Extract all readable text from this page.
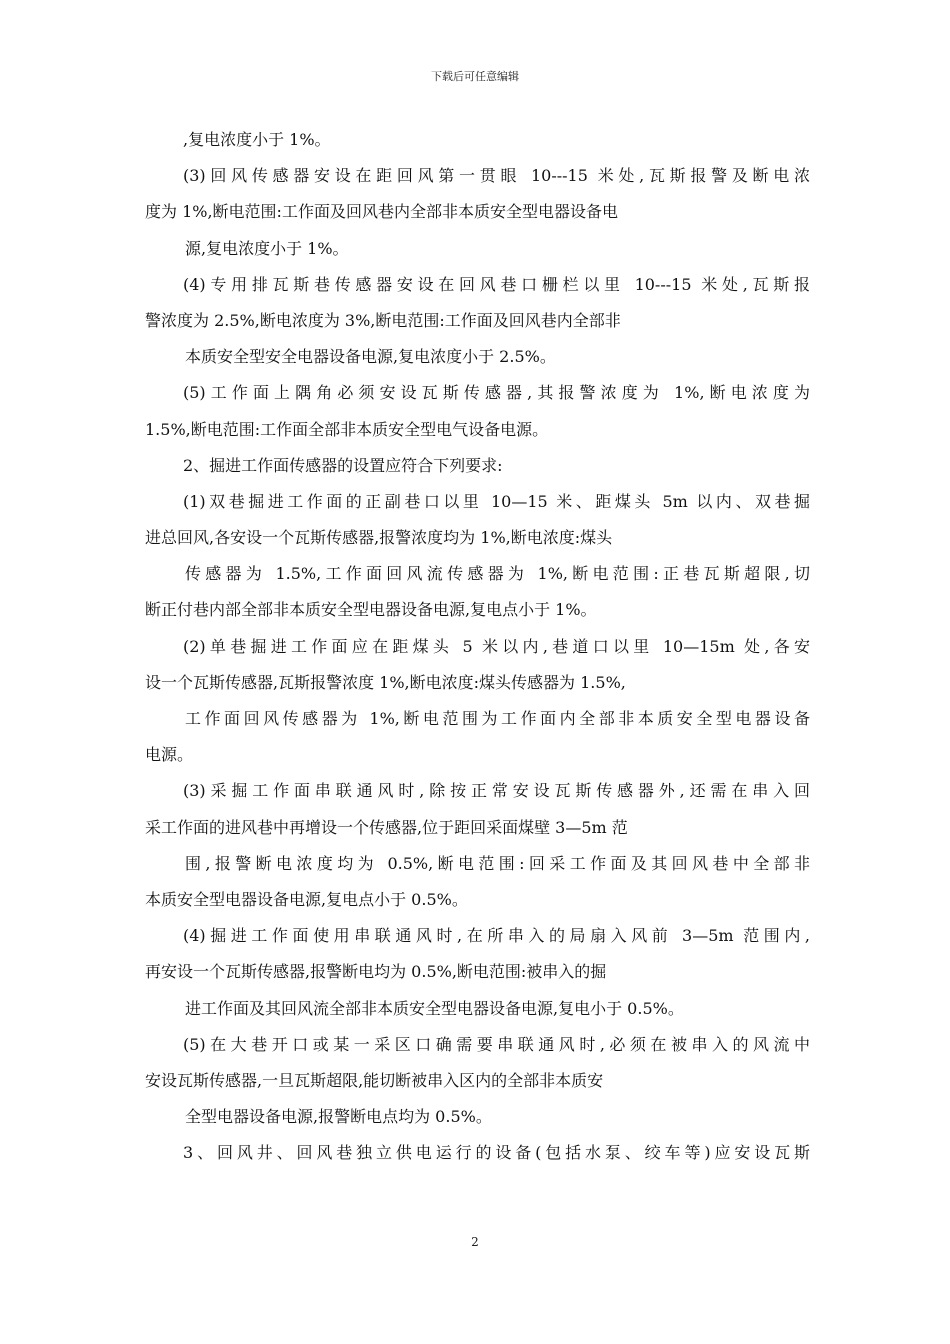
下载后可任意编辑
,复电浓度小于 1%。
(3)回风传感器安设在距回风第一贯眼 10---15 米处,瓦斯报警及断电浓
度为 1%,断电范围:工作面及回风巷内全部非本质安全型电器设备电
源,复电浓度小于 1%。
(4)专用排瓦斯巷传感器安设在回风巷口栅栏以里 10---15 米处,瓦斯报
警浓度为 2.5%,断电浓度为 3%,断电范围:工作面及回风巷内全部非
本质安全型安全电器设备电源,复电浓度小于 2.5%。
(5)工作面上隅角必须安设瓦斯传感器,其报警浓度为 1%,断电浓度为
1.5%,断电范围:工作面全部非本质安全型电气设备电源。
2、掘进工作面传感器的设置应符合下列要求:
(1)双巷掘进工作面的正副巷口以里 10—15 米、距煤头 5m 以内、双巷掘
进总回风,各安设一个瓦斯传感器,报警浓度均为 1%,断电浓度:煤头
传感器为 1.5%,工作面回风流传感器为 1%,断电范围:正巷瓦斯超限,切
断正付巷内部全部非本质安全型电器设备电源,复电点小于 1%。
(2)单巷掘进工作面应在距煤头 5 米以内,巷道口以里 10—15m 处,各安
设一个瓦斯传感器,瓦斯报警浓度 1%,断电浓度:煤头传感器为 1.5%,
工作面回风传感器为 1%,断电范围为工作面内全部非本质安全型电器设备
电源。
(3)采掘工作面串联通风时,除按正常安设瓦斯传感器外,还需在串入回
采工作面的进风巷中再增设一个传感器,位于距回采面煤壁 3—5m 范
围,报警断电浓度均为 0.5%,断电范围:回采工作面及其回风巷中全部非
本质安全型电器设备电源,复电点小于 0.5%。
(4)掘进工作面使用串联通风时,在所串入的局扇入风前 3—5m 范围内,
再安设一个瓦斯传感器,报警断电均为 0.5%,断电范围:被串入的掘
进工作面及其回风流全部非本质安全型电器设备电源,复电小于 0.5%。
(5)在大巷开口或某一采区口确需要串联通风时,必须在被串入的风流中
安设瓦斯传感器,一旦瓦斯超限,能切断被串入区内的全部非本质安
全型电器设备电源,报警断电点均为 0.5%。
3、回风井、回风巷独立供电运行的设备(包括水泵、绞车等)应安设瓦斯
2
